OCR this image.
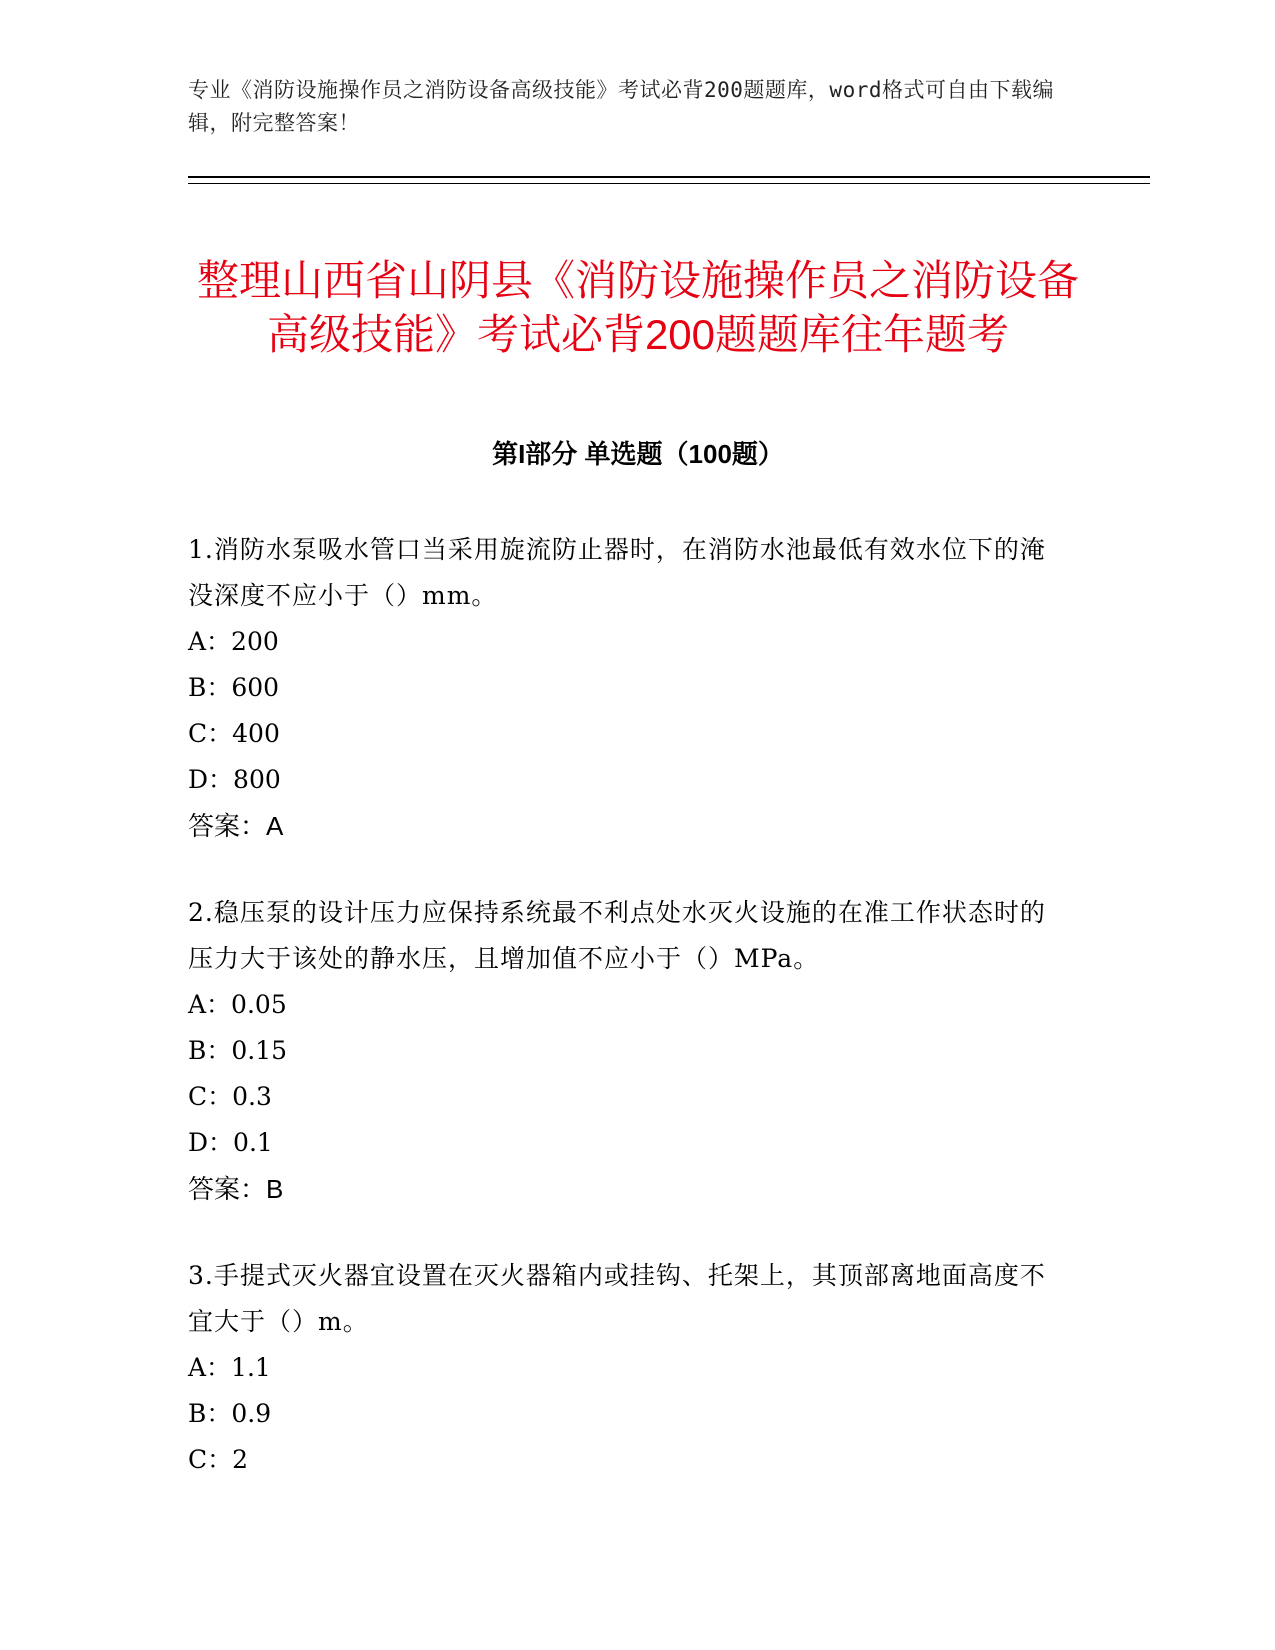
专业《消防设施操作员之消防设备高级技能》考试必背200题题库，word格式可自由下载编辑，附完整答案！
整理山西省山阴县《消防设施操作员之消防设备高级技能》考试必背200题题库往年题考
第I部分 单选题（100题）

1.消防水泵吸水管口当采用旋流防止器时，在消防水池最低有效水位下的淹没深度不应小于（）mm。

A：200

B：600

C：400

D：800

答案：A

2.稳压泵的设计压力应保持系统最不利点处水灭火设施的在准工作状态时的压力大于该处的静水压，且增加值不应小于（）MPa。

A：0.05

B：0.15

C：0.3

D：0.1

答案：B

3.手提式灭火器宜设置在灭火器箱内或挂钩、托架上，其顶部离地面高度不宜大于（）m。

A：1.1

B：0.9

C：2
